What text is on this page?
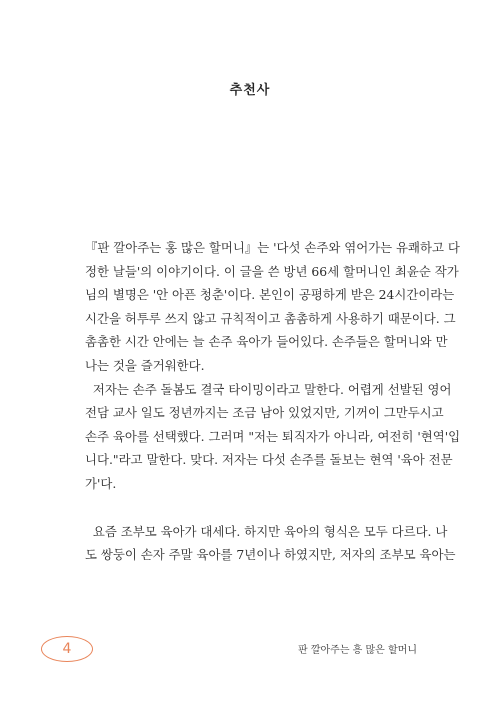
추천사
『판 깔아주는 홍 많은 할머니』는 '다섯 손주와 엮어가는 유쾌하고 다
정한 날들'의 이야기이다. 이 글을 쓴 방년 66세 할머니인 최윤순 작가
님의 별명은 '안 아픈 청춘'이다. 본인이 공평하게 받은 24시간이라는
시간을 허투루 쓰지 않고 규칙적이고 촘촘하게 사용하기 때문이다. 그
촘촘한 시간 안에는 늘 손주 육아가 들어있다. 손주들은 할머니와 만
나는 것을 즐거워한다.
저자는 손주 돌봄도 결국 타이밍이라고 말한다. 어렵게 선발된 영어
전담 교사 일도 정년까지는 조금 남아 있었지만, 기꺼이 그만두시고
손주 육아를 선택했다. 그러며 "저는 퇴직자가 아니라, 여전히 '현역'입
니다."라고 말한다. 맞다. 저자는 다섯 손주를 돌보는 현역 '육아 전문
가'다.
요즘 조부모 육아가 대세다. 하지만 육아의 형식은 모두 다르다. 나
도 쌍둥이 손자 주말 육아를 7년이나 하였지만, 저자의 조부모 육아는
4	판 깔아주는 흥 많은 할머니
